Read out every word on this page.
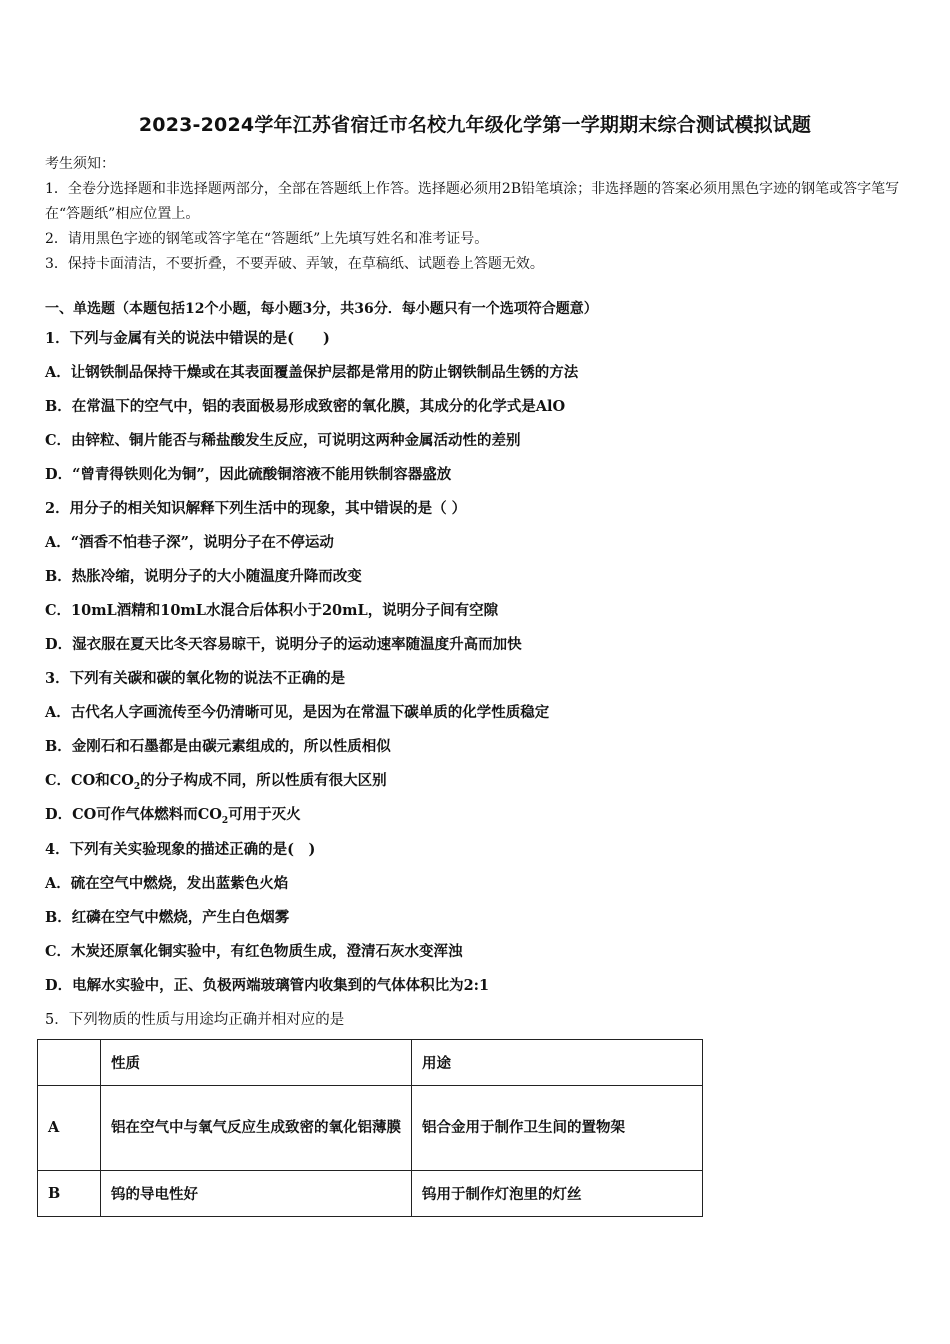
2023-2024学年江苏省宿迁市名校九年级化学第一学期期末综合测试模拟试题

考生须知：

1．全卷分选择题和非选择题两部分，全部在答题纸上作答。选择题必须用2B铅笔填涂；非选择题的答案必须用黑色字迹的钢笔或答字笔写在“答题纸”相应位置上。

2．请用黑色字迹的钢笔或答字笔在“答题纸”上先填写姓名和准考证号。

3．保持卡面清洁，不要折叠，不要弄破、弄皱，在草稿纸、试题卷上答题无效。

一、单选题（本题包括12个小题，每小题3分，共36分．每小题只有一个选项符合题意）
1．下列与金属有关的说法中错误的是(　　)
A．让钢铁制品保持干燥或在其表面覆盖保护层都是常用的防止钢铁制品生锈的方法
B．在常温下的空气中，铝的表面极易形成致密的氧化膜，其成分的化学式是AlO
C．由锌粒、铜片能否与稀盐酸发生反应，可说明这两种金属活动性的差别
D．“曾青得铁则化为铜”，因此硫酸铜溶液不能用铁制容器盛放
2．用分子的相关知识解释下列生活中的现象，其中错误的是（ ）
A．“酒香不怕巷子深”，说明分子在不停运动
B．热胀冷缩，说明分子的大小随温度升降而改变
C．10mL酒精和10mL水混合后体积小于20mL，说明分子间有空隙
D．湿衣服在夏天比冬天容易晾干，说明分子的运动速率随温度升高而加快
3．下列有关碳和碳的氧化物的说法不正确的是
A．古代名人字画流传至今仍清晰可见，是因为在常温下碳单质的化学性质稳定
B．金刚石和石墨都是由碳元素组成的，所以性质相似
C．CO和$CO_2$的分子构成不同，所以性质有很大区别
D．CO可作气体燃料而$CO_2$可用于灭火
4．下列有关实验现象的描述正确的是(　)
A．硫在空气中燃烧，发出蓝紫色火焰
B．红磷在空气中燃烧，产生白色烟雾
C．木炭还原氧化铜实验中，有红色物质生成，澄清石灰水变浑浊
D．电解水实验中，正、负极两端玻璃管内收集到的气体体积比为2:1
5．下列物质的性质与用途均正确并相对应的是
	性质	用途
A	铝在空气中与氧气反应生成致密的氧化铝薄膜	铝合金用于制作卫生间的置物架
B	钨的导电性好	钨用于制作灯泡里的灯丝
